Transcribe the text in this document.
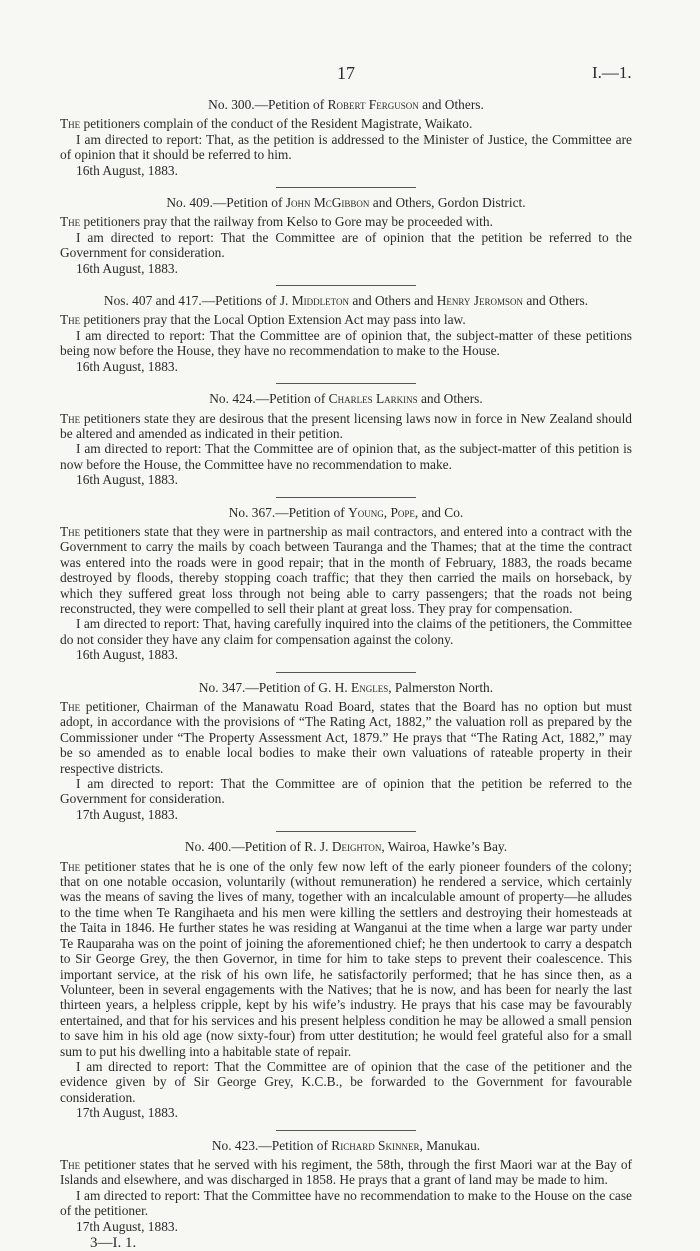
17	I.—1.
No. 300.—Petition of Robert Ferguson and Others.
The petitioners complain of the conduct of the Resident Magistrate, Waikato.
I am directed to report: That, as the petition is addressed to the Minister of Justice, the Committee are of opinion that it should be referred to him.
16th August, 1883.
No. 409.—Petition of John McGibbon and Others, Gordon District.
The petitioners pray that the railway from Kelso to Gore may be proceeded with.
I am directed to report: That the Committee are of opinion that the petition be referred to the Government for consideration.
16th August, 1883.
Nos. 407 and 417.—Petitions of J. Middleton and Others and Henry Jeromson and Others.
The petitioners pray that the Local Option Extension Act may pass into law.
I am directed to report: That the Committee are of opinion that, the subject-matter of these petitions being now before the House, they have no recommendation to make to the House.
16th August, 1883.
No. 424.—Petition of Charles Larkins and Others.
The petitioners state they are desirous that the present licensing laws now in force in New Zealand should be altered and amended as indicated in their petition.
I am directed to report: That the Committee are of opinion that, as the subject-matter of this petition is now before the House, the Committee have no recommendation to make.
16th August, 1883.
No. 367.—Petition of Young, Pope, and Co.
The petitioners state that they were in partnership as mail contractors, and entered into a contract with the Government to carry the mails by coach between Tauranga and the Thames; that at the time the contract was entered into the roads were in good repair; that in the month of February, 1883, the roads became destroyed by floods, thereby stopping coach traffic; that they then carried the mails on horseback, by which they suffered great loss through not being able to carry passengers; that the roads not being reconstructed, they were compelled to sell their plant at great loss. They pray for compensation.
I am directed to report: That, having carefully inquired into the claims of the petitioners, the Committee do not consider they have any claim for compensation against the colony.
16th August, 1883.
No. 347.—Petition of G. H. Engles, Palmerston North.
The petitioner, Chairman of the Manawatu Road Board, states that the Board has no option but must adopt, in accordance with the provisions of “The Rating Act, 1882,” the valuation roll as prepared by the Commissioner under “The Property Assessment Act, 1879.” He prays that “The Rating Act, 1882,” may be so amended as to enable local bodies to make their own valuations of rateable property in their respective districts.
I am directed to report: That the Committee are of opinion that the petition be referred to the Government for consideration.
17th August, 1883.
No. 400.—Petition of R. J. Deighton, Wairoa, Hawke’s Bay.
The petitioner states that he is one of the only few now left of the early pioneer founders of the colony; that on one notable occasion, voluntarily (without remuneration) he rendered a service, which certainly was the means of saving the lives of many, together with an incalculable amount of property—he alludes to the time when Te Rangihaeta and his men were killing the settlers and destroying their homesteads at the Taita in 1846. He further states he was residing at Wanganui at the time when a large war party under Te Rauparaha was on the point of joining the aforementioned chief; he then undertook to carry a despatch to Sir George Grey, the then Governor, in time for him to take steps to prevent their coalescence. This important service, at the risk of his own life, he satisfactorily performed; that he has since then, as a Volunteer, been in several engagements with the Natives; that he is now, and has been for nearly the last thirteen years, a helpless cripple, kept by his wife’s industry. He prays that his case may be favourably entertained, and that for his services and his present helpless condition he may be allowed a small pension to save him in his old age (now sixty-four) from utter destitution; he would feel grateful also for a small sum to put his dwelling into a habitable state of repair.
I am directed to report: That the Committee are of opinion that the case of the petitioner and the evidence given by of Sir George Grey, K.C.B., be forwarded to the Government for favourable consideration.
17th August, 1883.
No. 423.—Petition of Richard Skinner, Manukau.
The petitioner states that he served with his regiment, the 58th, through the first Maori war at the Bay of Islands and elsewhere, and was discharged in 1858. He prays that a grant of land may be made to him.
I am directed to report: That the Committee have no recommendation to make to the House on the case of the petitioner.
17th August, 1883.
3—I. 1.
